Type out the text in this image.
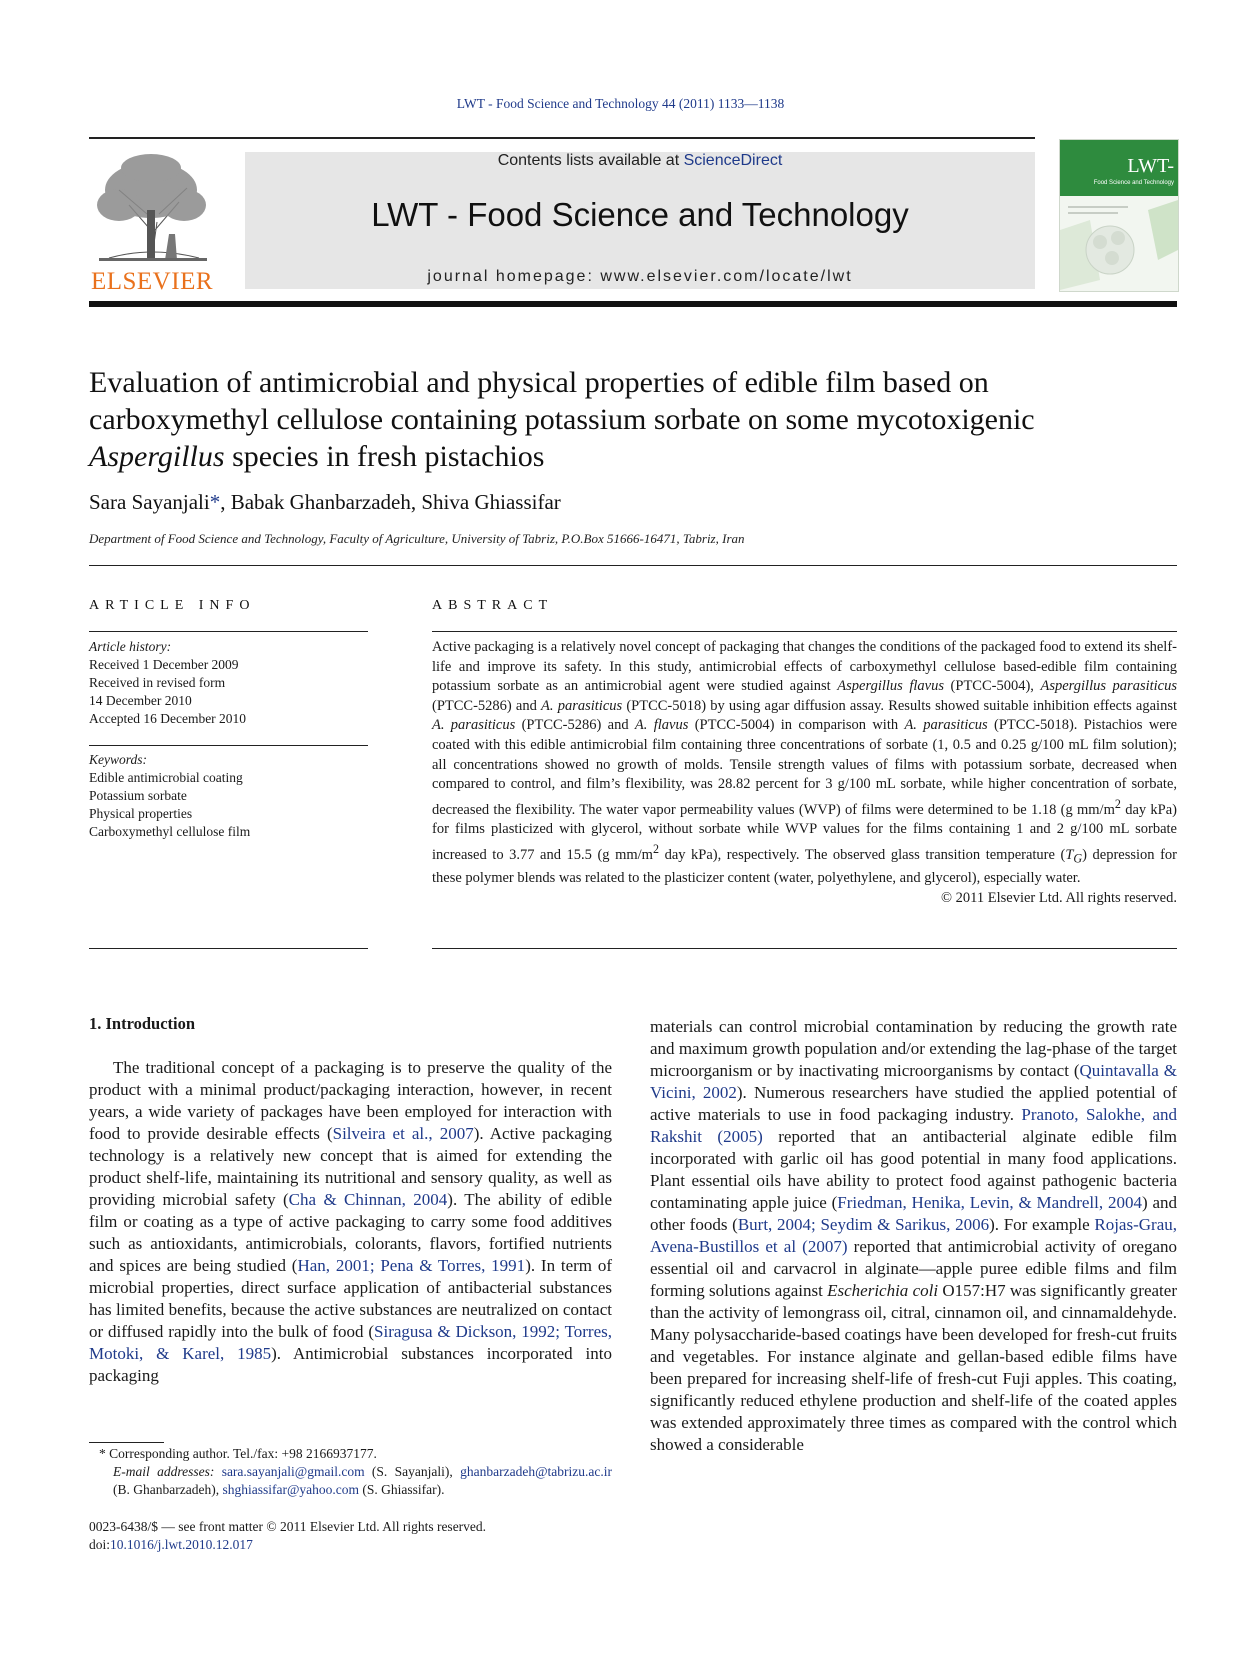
LWT - Food Science and Technology 44 (2011) 1133—1138
ELSEVIER
Contents lists available at ScienceDirect
LWT - Food Science and Technology
journal homepage: www.elsevier.com/locate/lwt
LWT-
Food Science and Technology
Evaluation of antimicrobial and physical properties of edible film based on
carboxymethyl cellulose containing potassium sorbate on some mycotoxigenic
Aspergillus species in fresh pistachios
Sara Sayanjali*, Babak Ghanbarzadeh, Shiva Ghiassifar
Department of Food Science and Technology, Faculty of Agriculture, University of Tabriz, P.O.Box 51666-16471, Tabriz, Iran
ARTICLE INFO
Article history:
Received 1 December 2009
Received in revised form
14 December 2010
Accepted 16 December 2010
Keywords:
Edible antimicrobial coating
Potassium sorbate
Physical properties
Carboxymethyl cellulose film
ABSTRACT
Active packaging is a relatively novel concept of packaging that changes the conditions of the packaged food to extend its shelf-life and improve its safety. In this study, antimicrobial effects of carboxymethyl cellulose based-edible film containing potassium sorbate as an antimicrobial agent were studied against Aspergillus flavus (PTCC-5004), Aspergillus parasiticus (PTCC-5286) and A. parasiticus (PTCC-5018) by using agar diffusion assay. Results showed suitable inhibition effects against A. parasiticus (PTCC-5286) and A. flavus (PTCC-5004) in comparison with A. parasiticus (PTCC-5018). Pistachios were coated with this edible antimicrobial film containing three concentrations of sorbate (1, 0.5 and 0.25 g/100 mL film solution); all concentrations showed no growth of molds. Tensile strength values of films with potassium sorbate, decreased when compared to control, and film’s flexibility, was 28.82 percent for 3 g/100 mL sorbate, while higher concentration of sorbate, decreased the flexibility. The water vapor permeability values (WVP) of films were determined to be 1.18 (g $mm/m^2$ day kPa) for films plasticized with glycerol, without sorbate while WVP values for the films containing 1 and 2 g/100 mL sorbate increased to 3.77 and 15.5 (g $mm/m^2$ day kPa), respectively. The observed glass transition temperature $(T_G)$ depression for these polymer blends was related to the plasticizer content (water, polyethylene, and glycerol), especially water.
© 2011 Elsevier Ltd. All rights reserved.
1. Introduction

The traditional concept of a packaging is to preserve the quality of the product with a minimal product/packaging interaction, however, in recent years, a wide variety of packages have been employed for interaction with food to provide desirable effects (Silveira et al., 2007). Active packaging technology is a relatively new concept that is aimed for extending the product shelf-life, maintaining its nutritional and sensory quality, as well as providing microbial safety (Cha & Chinnan, 2004). The ability of edible film or coating as a type of active packaging to carry some food additives such as antioxidants, antimicrobials, colorants, flavors, fortified nutrients and spices are being studied (Han, 2001; Pena & Torres, 1991). In term of microbial properties, direct surface application of antibacterial substances has limited benefits, because the active substances are neutralized on contact or diffused rapidly into the bulk of food (Siragusa & Dickson, 1992; Torres, Motoki, & Karel, 1985). Antimicrobial substances incorporated into packaging

materials can control microbial contamination by reducing the growth rate and maximum growth population and/or extending the lag-phase of the target microorganism or by inactivating microorganisms by contact (Quintavalla & Vicini, 2002). Numerous researchers have studied the applied potential of active materials to use in food packaging industry. Pranoto, Salokhe, and Rakshit (2005) reported that an antibacterial alginate edible film incorporated with garlic oil has good potential in many food applications. Plant essential oils have ability to protect food against pathogenic bacteria contaminating apple juice (Friedman, Henika, Levin, & Mandrell, 2004) and other foods (Burt, 2004; Seydim & Sarikus, 2006). For example Rojas-Grau, Avena-Bustillos et al (2007) reported that antimicrobial activity of oregano essential oil and carvacrol in alginate—apple puree edible films and film forming solutions against Escherichia coli O157:H7 was significantly greater than the activity of lemongrass oil, citral, cinnamon oil, and cinnamaldehyde. Many polysaccharide-based coatings have been developed for fresh-cut fruits and vegetables. For instance alginate and gellan-based edible films have been prepared for increasing shelf-life of fresh-cut Fuji apples. This coating, significantly reduced ethylene production and shelf-life of the coated apples was extended approximately three times as compared with the control which showed a considerable
* Corresponding author. Tel./fax: +98 2166937177.
E-mail addresses: sara.sayanjali@gmail.com (S. Sayanjali), ghanbarzadeh@tabrizu.ac.ir (B. Ghanbarzadeh), shghiassifar@yahoo.com (S. Ghiassifar).
0023-6438/$ — see front matter © 2011 Elsevier Ltd. All rights reserved.
doi:10.1016/j.lwt.2010.12.017
